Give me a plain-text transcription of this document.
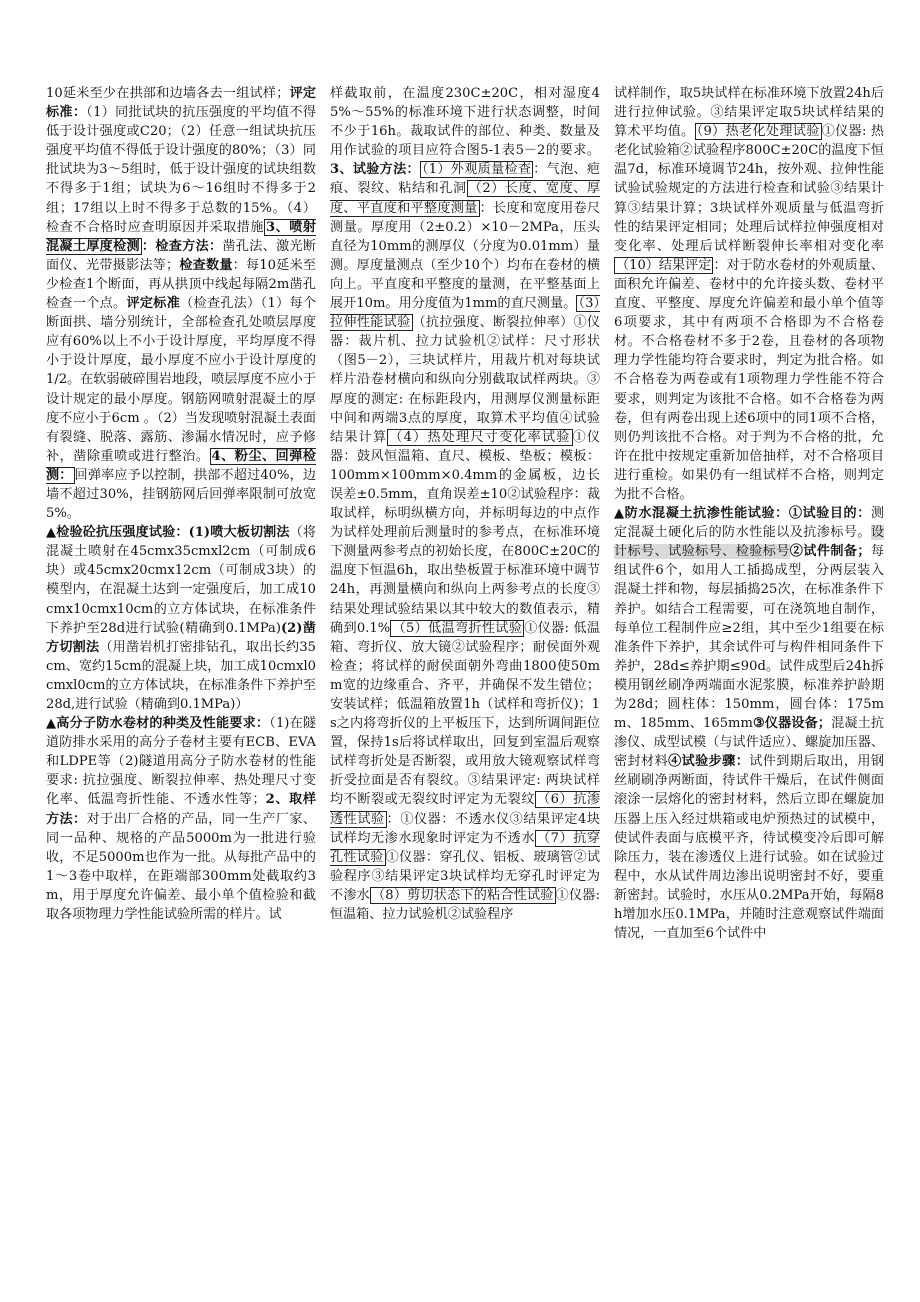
10延米至少在拱部和边墙各去一组试样；评定标准：（1）同批试块的抗压强度的平均值不得低于设计强度或C20；（2）任意一组试块抗压强度平均值不得低于设计强度的80%；（3）同批试块为3～5组时，低于设计强度的试块组数不得多于1组；试块为6～16组时不得多于2组；17组以上时不得多于总数的15%。（4）检查不合格时应查明原因并采取措施 3、喷射混凝土厚度检测 ：检查方法：凿孔法、激光断面仪、光带摄影法等；检查数量：每10延米至少检查1个断面，再从拱顶中线起每隔2m凿孔检查一个点。评定标准（检查孔法）（1）每个断面拱、墙分别统计，全部检查孔处喷层厚度应有60%以上不小于设计厚度，平均厚度不得小于设计厚度，最小厚度不应小于设计厚度的1/2。在软弱破碎围岩地段，喷层厚度不应小于设计规定的最小厚度。钢筋网喷射混凝土的厚度不应小于6cm 。（2）当发现喷射混凝土表面有裂缝、脱落、露筋、渗漏水情况时，应予修补，凿除重喷或进行整治。 4、粉尘、回弹检测： 回弹率应予以控制，拱部不超过40%，边墙不超过30%，挂钢筋网后回弹率限制可放宽5%。

▲检验砼抗压强度试验：(1)喷大板切割法（将混凝土喷射在45cmx35cmxl2cm（可制成6块）或45cmx20cmx12cm（可制成3块）的模型内，在混凝土达到一定强度后，加工成10cmx10cmx10cm的立方体试块，在标准条件下养护至28d进行试验(精确到0.1MPa)(2)凿方切割法（用凿岩机打密排钻孔，取出长约35cm、宽约15cm的混凝上块，加工成10cmxl0cmxl0cm的立方体试块，在标准条件下养护至28d,进行试验（精确到0.1MPa)）

▲高分子防水卷材的种类及性能要求：（1)在隧道防排水采用的高分子卷材主要有ECB、EVA和LDPE等（2)隧道用高分子防水卷材的性能要求: 抗拉强度、断裂拉伸率、热处理尺寸变化率、低温弯折性能、不透水性等；2、取样方法：对于出厂合格的产品，同一生产厂家、同一品种、规格的产品5000m为一批进行验收，不足5000m也作为一批。从每批产品中的1～3卷中取样，在距端部300mm处截取约3m，用于厚度允许偏差、最小单个值检验和截取各项物理力学性能试验所需的样片。试

样截取前，在温度230C±20C，相对湿度45%～55%的标准环境下进行状态调整，时间不少于16h。裁取试件的部位、种类、数量及用作试验的项目应符合图5-1表5－2的要求。3、试验方法： （1）外观质量检查 ：气泡、疤痕、裂纹、粘结和孔洞 （2）长度、宽度、厚度、平直度和平整度测量 ：长度和宽度用卷尺测量。厚度用（2±0.2）×10－2MPa，压头直径为10mm的测厚仪（分度为0.01mm）量测。厚度量测点（至少10个）均布在卷材的横向上。平直度和平整度的量测，在平整基面上展开10m。用分度值为1mm的直尺测量。 （3）拉伸性能试验 （抗拉强度、断裂拉伸率）①仪器：裁片机、拉力试验机②试样：尺寸形状（图5－2），三块试样片，用裁片机对每块试样片沿卷材横向和纵向分别截取试样两块。③厚度的测定: 在标距段内，用测厚仪测量标距中间和两端3点的厚度，取算术平均值④试验结果计算 （4）热处理尺寸变化率试验 ①仪器：鼓风恒温箱、直尺、模板、垫板；模板：100mm×100mm×0.4mm的金属板，边长误差±0.5mm，直角误差±10②试验程序：裁取试样，标明纵横方向，并标明每边的中点作为试样处理前后测量时的参考点，在标准环境下测量两参考点的初始长度，在800C±20C的温度下恒温6h，取出垫板置于标准环境中调节24h，再测量横向和纵向上两参考点的长度③结果处理试验结果以其中较大的数值表示，精确到0.1% （5）低温弯折性试验 ①仪器: 低温箱、弯折仪、放大镜②试验程序；耐侯面外观检查；将试样的耐侯面朝外弯曲1800使50mm宽的边缘重合、齐平，并确保不发生错位；安装试样；低温箱放置1h（试样和弯折仪)；1s之内将弯折仪的上平板压下，达到所调间距位置，保持1s后将试样取出，回复到室温后观察试样弯折处是否断裂，或用放大镜观察试样弯折受拉面是否有裂纹。③结果评定: 两块试样均不断裂或无裂纹时评定为无裂纹 （6）抗渗透性试验 ：①仪器：不透水仪③结果评定4块试样均无渗水现象时评定为不透水 （7）抗穿孔性试验 ①仪器：穿孔仪、铝板、玻璃管②试验程序③结果评定3块试样均无穿孔时评定为不渗水 （8）剪切状态下的粘合性试验 ①仪器: 恒温箱、拉力试验机②试验程序

试样制作，取5块试样在标准环境下放置24h后进行拉伸试验。③结果评定取5块试样结果的算术平均值。 （9）热老化处理试验 ①仪器: 热老化试验箱②试验程序800C±20C的温度下恒温7d，标准环境调节24h，按外观、拉伸性能试验试验规定的方法进行检查和试验③结果计算③结果计算；3块试样外观质量与低温弯折性的结果评定相同；处理后试样拉伸强度相对变化率、处理后试样断裂伸长率相对变化率（10）结果评定 ：对于防水卷材的外观质量、面积允许偏差、卷材中的允许接头数、卷材平直度、平整度、厚度允许偏差和最小单个值等6项要求，其中有两项不合格即为不合格卷材。不合格卷材不多于2卷，且卷材的各项物理力学性能均符合要求时，判定为批合格。如不合格卷为两卷或有1项物理力学性能不符合要求，则判定为该批不合格。如不合格卷为两卷，但有两卷出现上述6项中的同1项不合格，则仍判该批不合格。对于判为不合格的批，允许在批中按规定重新加倍抽样，对不合格项目进行重检。如果仍有一组试样不合格，则判定为批不合格。

▲防水混凝土抗渗性能试验：①试验目的：测定混凝土硬化后的防水性能以及抗渗标号。设计标号、试验标号、检验标号②试件制备；每组试件6个，如用人工插捣成型，分两层装入混凝土拌和物，每层插捣25次，在标准条件下养护。如结合工程需要，可在浇筑地自制作，每单位工程制件应≥2组，其中至少1组要在标准条件下养护，其余试件可与构件相同条件下养护，28d≤养护期≤90d。试件成型后24h拆模用钢丝刷净两端面水泥浆膜，标准养护龄期为28d；圆柱体：150mm，圆台体：175mm、185mm、165mm③仪器设备；混凝土抗渗仪、成型试模（与试件适应）、螺旋加压器、密封材料④试验步骤：试件到期后取出，用钢丝刷刷净两断面，待试件干燥后，在试件侧面滚涂一层熔化的密封材料，然后立即在螺旋加压器上压入经过烘箱或电炉预热过的试模中，使试件表面与底模平齐，待试模变冷后即可解除压力，装在渗透仪上进行试验。如在试验过程中，水从试件周边渗出说明密封不好，要重新密封。试验时，水压从0.2MPa开始，每隔8h增加水压0.1MPa，并随时注意观察试件端面情况，一直加至6个试件中
